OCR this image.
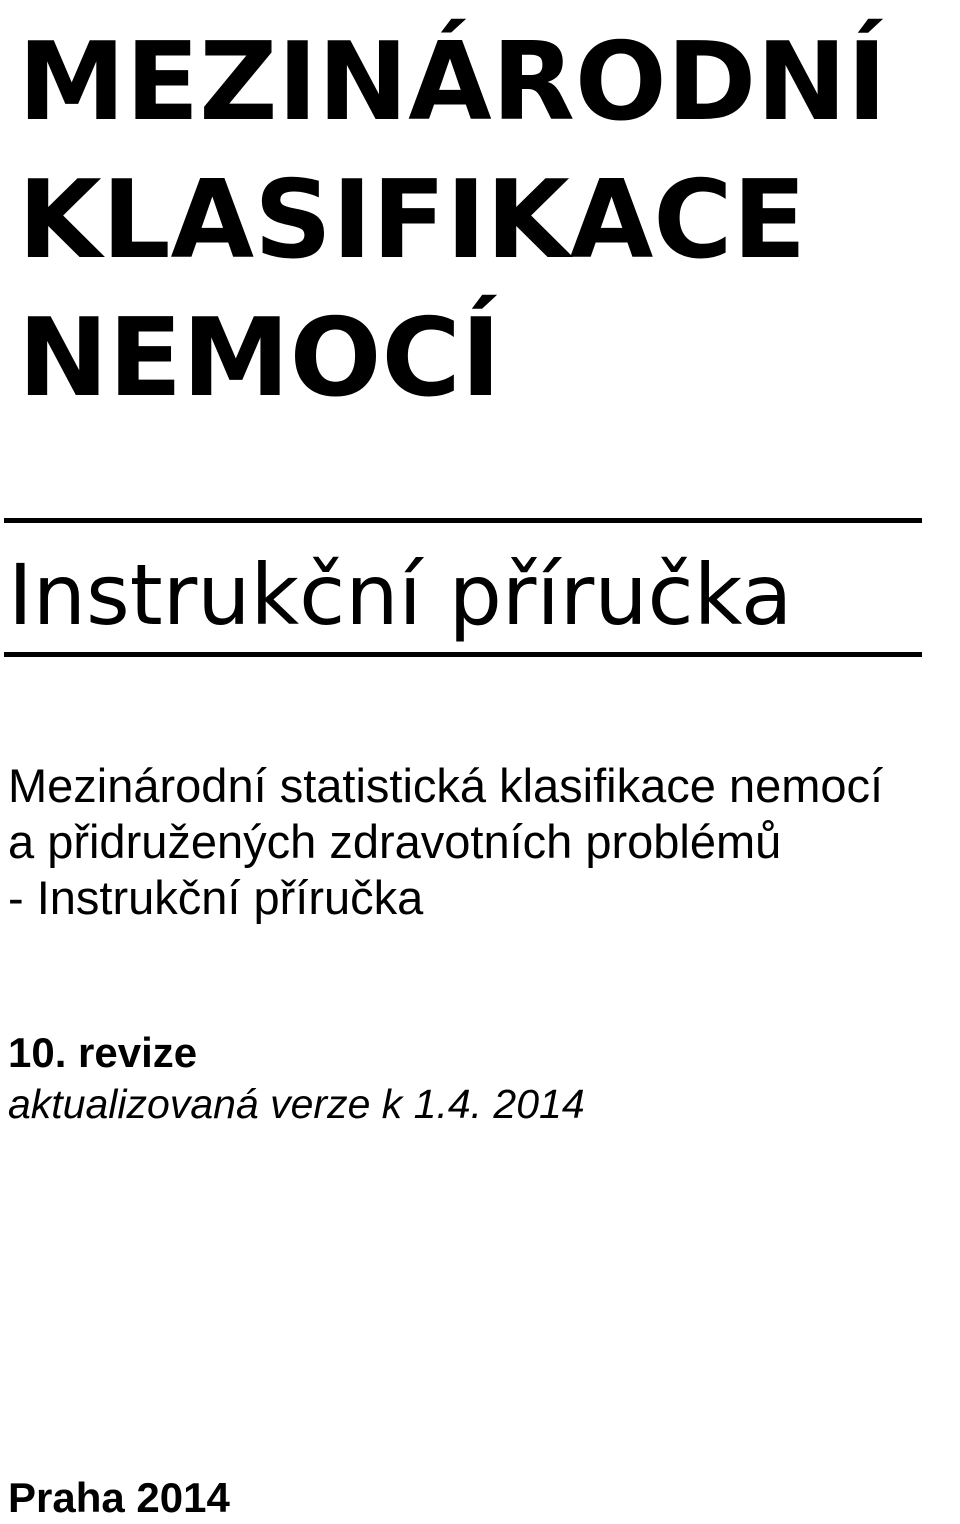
MEZINÁRODNÍ
KLASIFIKACE
NEMOCÍ
Instrukční příručka

Mezinárodní statistická klasifikace nemocí
a přidružených zdravotních problémů
- Instrukční příručka

10. revize

aktualizovaná verze k 1.4. 2014

Praha 2014
